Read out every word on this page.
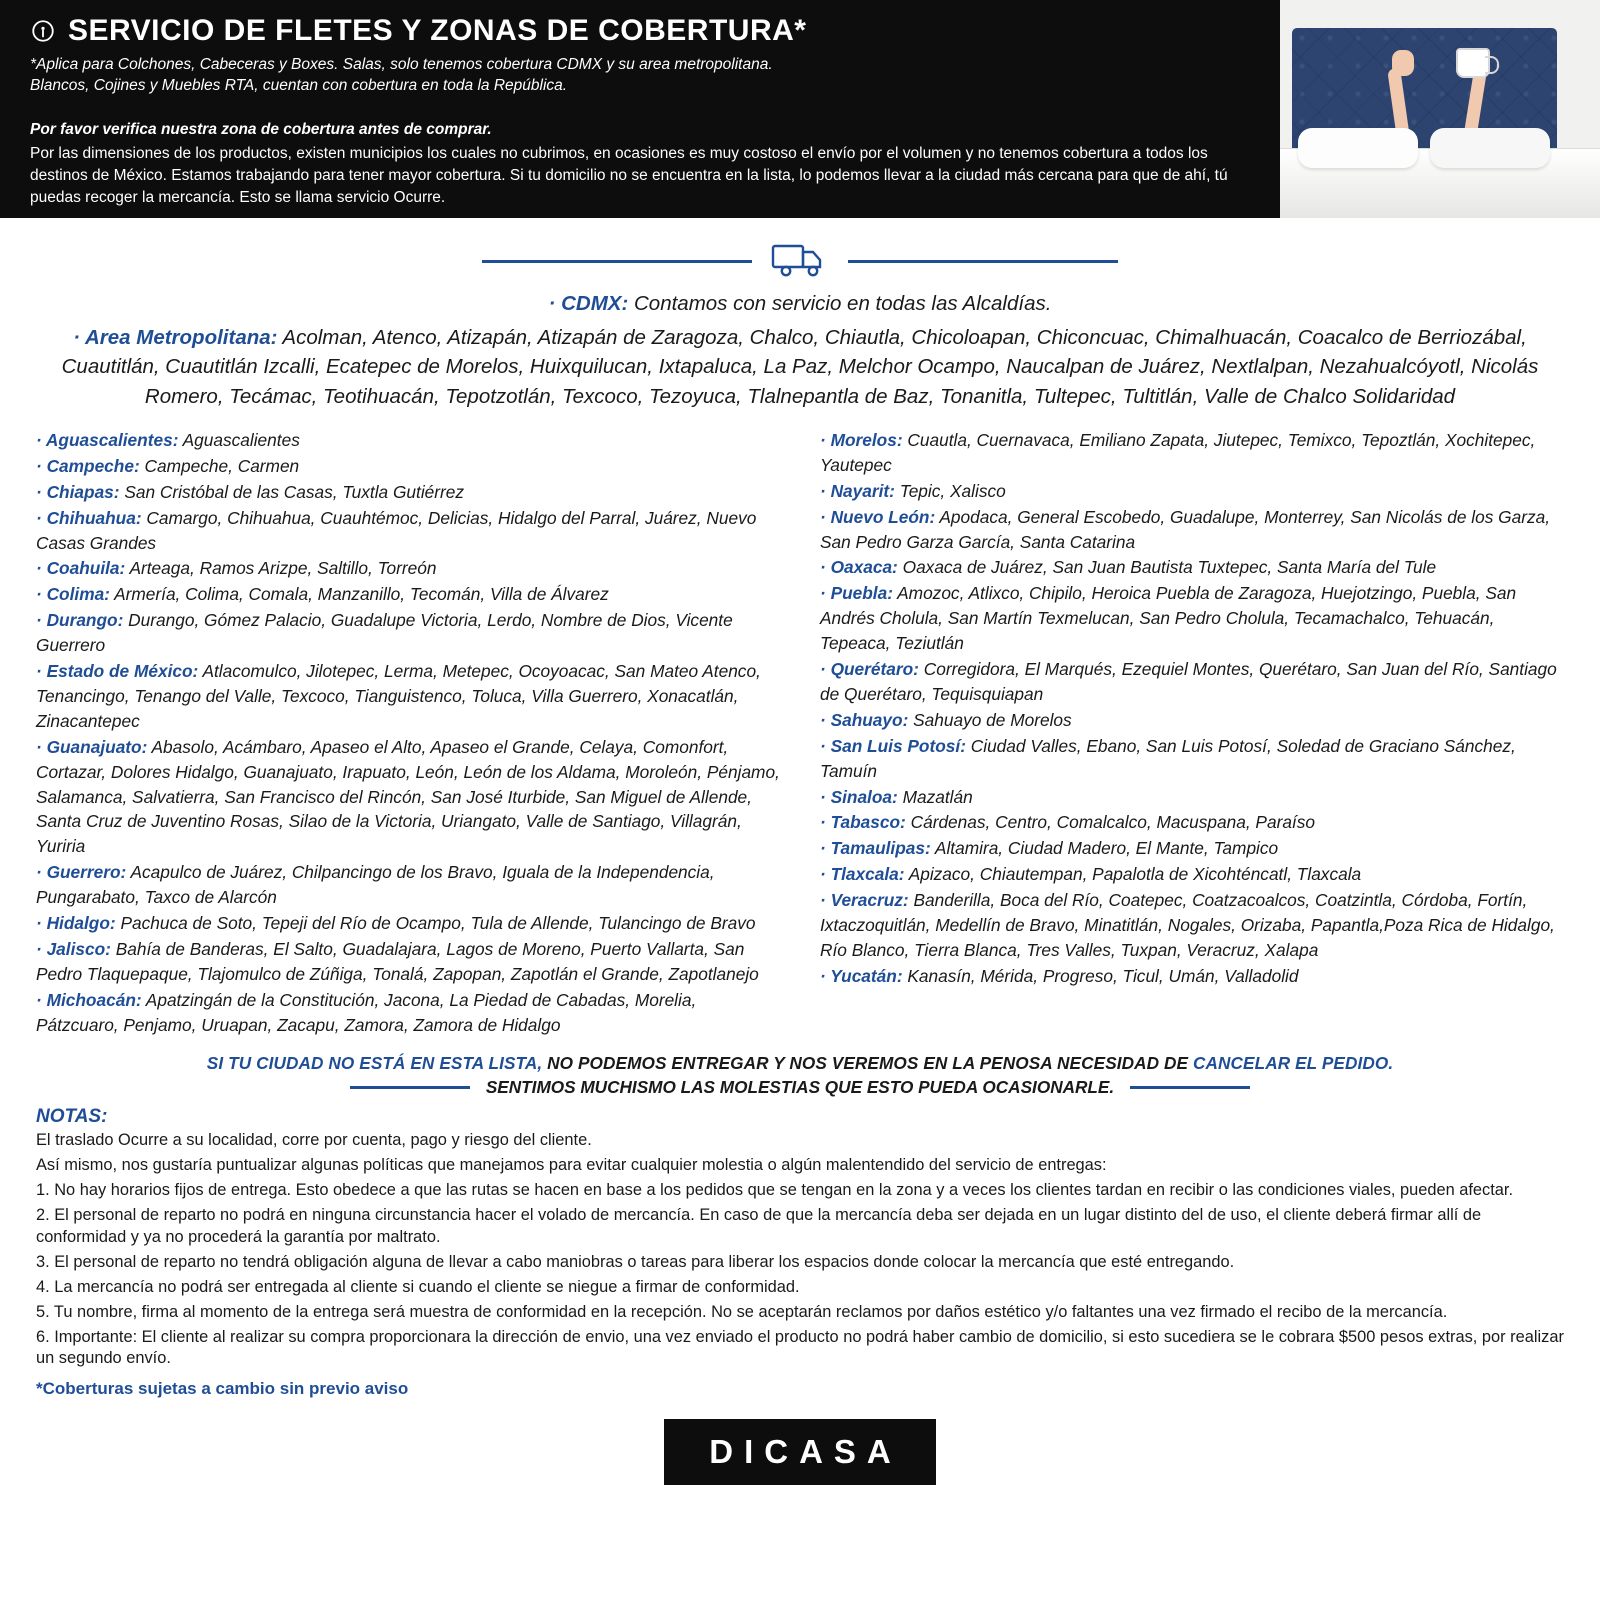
SERVICIO DE FLETES Y ZONAS DE COBERTURA*
*Aplica para Colchones, Cabeceras y Boxes. Salas, solo tenemos cobertura CDMX y su area metropolitana.
Blancos, Cojines y Muebles RTA, cuentan con cobertura en toda la República.
Por favor verifica nuestra zona de cobertura antes de comprar.
Por las dimensiones de los productos, existen municipios los cuales no cubrimos, en ocasiones es muy costoso el envío por el volumen y no tenemos cobertura a todos los destinos de México. Estamos trabajando para tener mayor cobertura. Si tu domicilio no se encuentra en la lista, lo podemos llevar a la ciudad más cercana para que de ahí, tú puedas recoger la mercancía. Esto se llama servicio Ocurre.
· CDMX: Contamos con servicio en todas las Alcaldías.
· Area Metropolitana: Acolman, Atenco, Atizapán, Atizapán de Zaragoza, Chalco, Chiautla, Chicoloapan, Chiconcuac, Chimalhuacán, Coacalco de Berriozábal, Cuautitlán, Cuautitlán Izcalli, Ecatepec de Morelos, Huixquilucan, Ixtapaluca, La Paz, Melchor Ocampo, Naucalpan de Juárez, Nextlalpan, Nezahualcóyotl, Nicolás Romero, Tecámac, Teotihuacán, Tepotzotlán, Texcoco, Tezoyuca, Tlalnepantla de Baz, Tonanitla, Tultepec, Tultitlán, Valle de Chalco Solidaridad
· Aguascalientes: Aguascalientes
· Campeche: Campeche, Carmen
· Chiapas: San Cristóbal de las Casas, Tuxtla Gutiérrez
· Chihuahua: Camargo, Chihuahua, Cuauhtémoc, Delicias, Hidalgo del Parral, Juárez, Nuevo Casas Grandes
· Coahuila: Arteaga, Ramos Arizpe, Saltillo, Torreón
· Colima: Armería, Colima, Comala, Manzanillo, Tecomán, Villa de Álvarez
· Durango: Durango, Gómez Palacio, Guadalupe Victoria, Lerdo, Nombre de Dios, Vicente Guerrero
· Estado de México: Atlacomulco, Jilotepec, Lerma, Metepec, Ocoyoacac, San Mateo Atenco, Tenancingo, Tenango del Valle, Texcoco, Tianguistenco, Toluca, Villa Guerrero, Xonacatlán, Zinacantepec
· Guanajuato: Abasolo, Acámbaro, Apaseo el Alto, Apaseo el Grande, Celaya, Comonfort, Cortazar, Dolores Hidalgo, Guanajuato, Irapuato, León, León de los Aldama, Moroleón, Pénjamo, Salamanca, Salvatierra, San Francisco del Rincón, San José Iturbide, San Miguel de Allende, Santa Cruz de Juventino Rosas, Silao de la Victoria, Uriangato, Valle de Santiago, Villagrán, Yuriria
· Guerrero: Acapulco de Juárez, Chilpancingo de los Bravo, Iguala de la Independencia, Pungarabato, Taxco de Alarcón
· Hidalgo: Pachuca de Soto, Tepeji del Río de Ocampo, Tula de Allende, Tulancingo de Bravo
· Jalisco: Bahía de Banderas, El Salto, Guadalajara, Lagos de Moreno, Puerto Vallarta, San Pedro Tlaquepaque, Tlajomulco de Zúñiga, Tonalá, Zapopan, Zapotlán el Grande, Zapotlanejo
· Michoacán: Apatzingán de la Constitución, Jacona, La Piedad de Cabadas, Morelia, Pátzcuaro, Penjamo, Uruapan, Zacapu, Zamora, Zamora de Hidalgo
· Morelos: Cuautla, Cuernavaca, Emiliano Zapata, Jiutepec, Temixco, Tepoztlán, Xochitepec, Yautepec
· Nayarit: Tepic, Xalisco
· Nuevo León: Apodaca, General Escobedo, Guadalupe, Monterrey, San Nicolás de los Garza, San Pedro Garza García, Santa Catarina
· Oaxaca: Oaxaca de Juárez, San Juan Bautista Tuxtepec, Santa María del Tule
· Puebla: Amozoc, Atlixco, Chipilo, Heroica Puebla de Zaragoza, Huejotzingo, Puebla, San Andrés Cholula, San Martín Texmelucan, San Pedro Cholula, Tecamachalco, Tehuacán, Tepeaca, Teziutlán
· Querétaro: Corregidora, El Marqués, Ezequiel Montes, Querétaro, San Juan del Río, Santiago de Querétaro, Tequisquiapan
· Sahuayo: Sahuayo de Morelos
· San Luis Potosí: Ciudad Valles, Ebano, San Luis Potosí, Soledad de Graciano Sánchez, Tamuín
· Sinaloa: Mazatlán
· Tabasco: Cárdenas, Centro, Comalcalco, Macuspana, Paraíso
· Tamaulipas: Altamira, Ciudad Madero, El Mante, Tampico
· Tlaxcala: Apizaco, Chiautempan, Papalotla de Xicohténcatl, Tlaxcala
· Veracruz: Banderilla, Boca del Río, Coatepec, Coatzacoalcos, Coatzintla, Córdoba, Fortín, Ixtaczoquitlán, Medellín de Bravo, Minatitlán, Nogales, Orizaba, Papantla,Poza Rica de Hidalgo, Río Blanco, Tierra Blanca, Tres Valles, Tuxpan, Veracruz, Xalapa
· Yucatán: Kanasín, Mérida, Progreso, Ticul, Umán, Valladolid
SI TU CIUDAD NO ESTÁ EN ESTA LISTA, NO PODEMOS ENTREGAR Y NOS VEREMOS EN LA PENOSA NECESIDAD DE CANCELAR EL PEDIDO.
SENTIMOS MUCHISMO LAS MOLESTIAS QUE ESTO PUEDA OCASIONARLE.
NOTAS:
El traslado Ocurre a su localidad, corre por cuenta, pago y riesgo del cliente.
Así mismo, nos gustaría puntualizar algunas políticas que manejamos para evitar cualquier molestia o algún malentendido del servicio de entregas:
1. No hay horarios fijos de entrega. Esto obedece a que las rutas se hacen en base a los pedidos que se tengan en la zona y a veces los clientes tardan en recibir o las condiciones viales, pueden afectar.
2. El personal de reparto no podrá en ninguna circunstancia hacer el volado de mercancía. En caso de que la mercancía deba ser dejada en un lugar distinto del de uso, el cliente deberá firmar allí de conformidad y ya no procederá la garantía por maltrato.
3. El personal de reparto no tendrá obligación alguna de llevar a cabo maniobras o tareas para liberar los espacios donde colocar la mercancía que esté entregando.
4. La mercancía no podrá ser entregada al cliente si cuando el cliente se niegue a firmar de conformidad.
5. Tu nombre, firma al momento de la entrega será muestra de conformidad en la recepción. No se aceptarán reclamos por daños estético y/o faltantes una vez firmado el recibo de la mercancía.
6. Importante: El cliente al realizar su compra proporcionara la dirección de envio, una vez enviado el producto no podrá haber cambio de domicilio, si esto sucediera se le cobrara $500 pesos extras, por realizar un segundo envío.
*Coberturas sujetas a cambio sin previo aviso
DICASA
